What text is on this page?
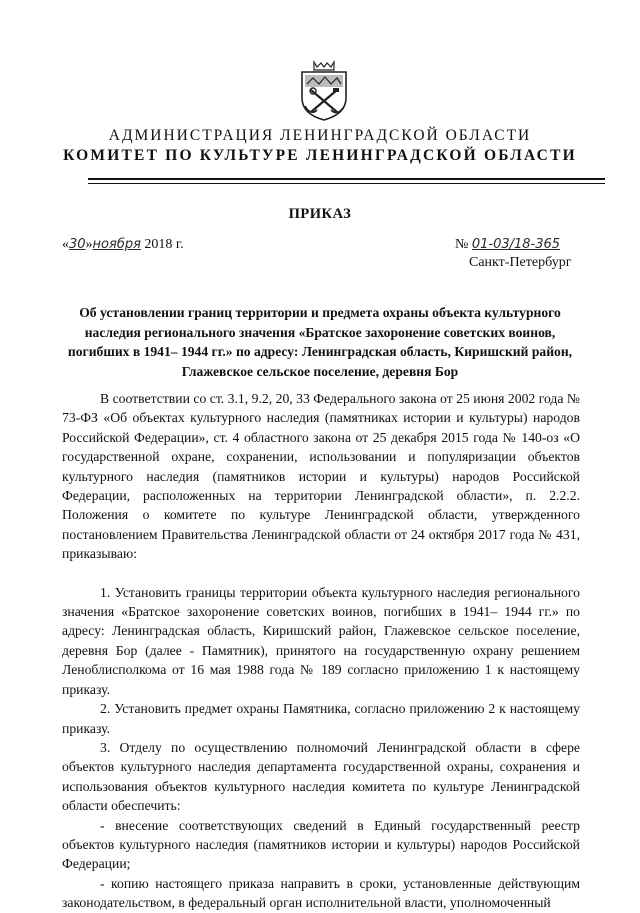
АДМИНИСТРАЦИЯ ЛЕНИНГРАДСКОЙ ОБЛАСТИ
КОМИТЕТ ПО КУЛЬТУРЕ ЛЕНИНГРАДСКОЙ ОБЛАСТИ
ПРИКАЗ
«30»ноября 2018 г.	№ 01-03/18-365
Санкт-Петербург
Об установлении границ территории и предмета охраны объекта культурного наследия регионального значения «Братское захоронение советских воинов, погибших в 1941– 1944 гг.» по адресу: Ленинградская область, Киришский район, Глажевское сельское поселение, деревня Бор

В соответствии со ст. 3.1, 9.2, 20, 33 Федерального закона от 25 июня 2002 года № 73-ФЗ «Об объектах культурного наследия (памятниках истории и культуры) народов Российской Федерации», ст. 4 областного закона от 25 декабря 2015 года № 140-оз «О государственной охране, сохранении, использовании и популяризации объектов культурного наследия (памятников истории и культуры) народов Российской Федерации, расположенных на территории Ленинградской области», п. 2.2.2. Положения о комитете по культуре Ленинградской области, утвержденного постановлением Правительства Ленинградской области от 24 октября 2017 года № 431, приказываю:

1. Установить границы территории объекта культурного наследия регионального значения «Братское захоронение советских воинов, погибших в 1941– 1944 гг.» по адресу: Ленинградская область, Киришский район, Глажевское сельское поселение, деревня Бор (далее - Памятник), принятого на государственную охрану решением Леноблисполкома от 16 мая 1988 года № 189 согласно приложению 1 к настоящему приказу.

2. Установить предмет охраны Памятника, согласно приложению 2 к настоящему приказу.

3. Отделу по осуществлению полномочий Ленинградской области в сфере объектов культурного наследия департамента государственной охраны, сохранения и использования объектов культурного наследия комитета по культуре Ленинградской области обеспечить:

- внесение соответствующих сведений в Единый государственный реестр объектов культурного наследия (памятников истории и культуры) народов Российской Федерации;

- копию настоящего приказа направить в сроки, установленные действующим законодательством, в федеральный орган исполнительной власти, уполномоченный
